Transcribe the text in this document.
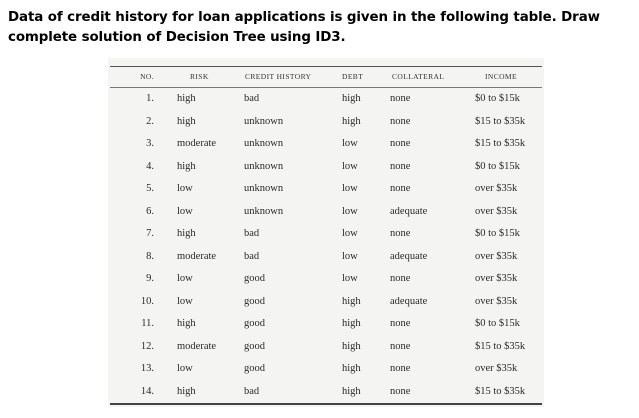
Data of credit history for loan applications is given in the following table. Draw complete solution of Decision Tree using ID3.
NO.	RISK	CREDIT HISTORY	DEBT	COLLATERAL	INCOME
1. high	bad	high	none	$0 to $15k
2. high	unknown	high	none	$15 to $35k
3. moderate	unknown	low	none	$15 to $35k
4. high	unknown	low	none	$0 to $15k
5. low	unknown	low	none	over $35k
6. low	unknown	low	adequate	over $35k
7. high	bad	low	none	$0 to $15k
8. moderate	bad	low	adequate	over $35k
9. low	good	low	none	over $35k
10. low	good	high	adequate	over $35k
11. high	good	high	none	$0 to $15k
12. moderate	good	high	none	$15 to $35k
13. low	good	high	none	over $35k
14. high	bad	high	none	$15 to $35k
